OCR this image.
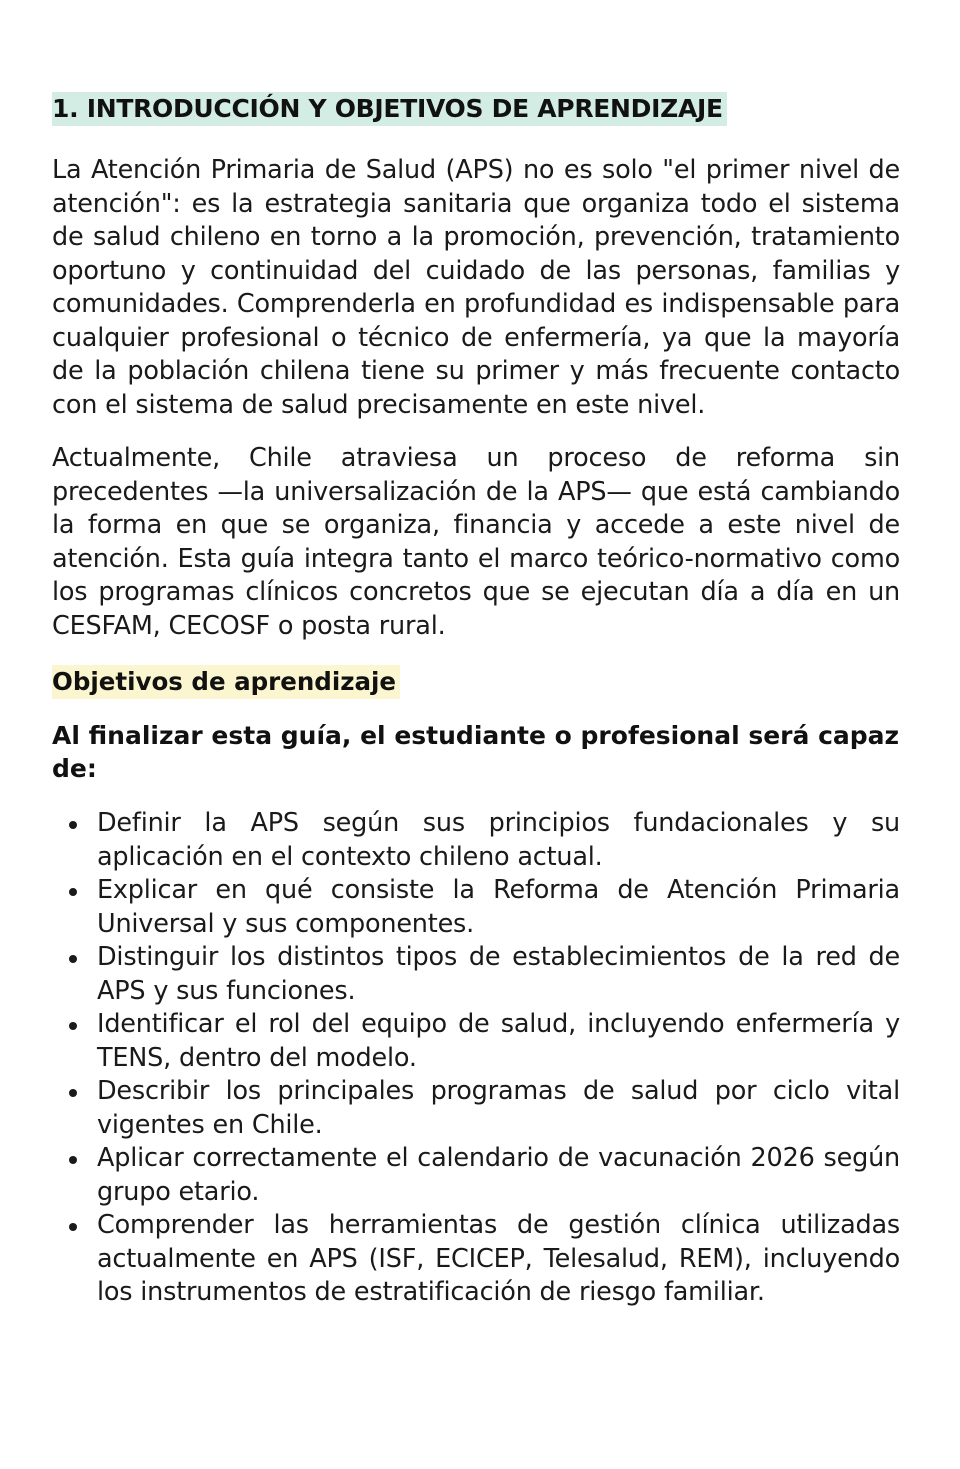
1. INTRODUCCIÓN Y OBJETIVOS DE APRENDIZAJE

La Atención Primaria de Salud (APS) no es solo "el primer nivel de atención": es la estrategia sanitaria que organiza todo el sistema de salud chileno en torno a la promoción, prevención, tratamiento oportuno y continuidad del cuidado de las personas, familias y comunidades. Comprenderla en profundidad es indispensable para cualquier profesional o técnico de enfermería, ya que la mayoría de la población chilena tiene su primer y más frecuente contacto con el sistema de salud precisamente en este nivel.

Actualmente, Chile atraviesa un proceso de reforma sin precedentes —la universalización de la APS— que está cambiando la forma en que se organiza, financia y accede a este nivel de atención. Esta guía integra tanto el marco teórico-normativo como los programas clínicos concretos que se ejecutan día a día en un CESFAM, CECOSF o posta rural.

Objetivos de aprendizaje

Al finalizar esta guía, el estudiante o profesional será capaz de:

Definir la APS según sus principios fundacionales y su aplicación en el contexto chileno actual.
Explicar en qué consiste la Reforma de Atención Primaria Universal y sus componentes.
Distinguir los distintos tipos de establecimientos de la red de APS y sus funciones.
Identificar el rol del equipo de salud, incluyendo enfermería y TENS, dentro del modelo.
Describir los principales programas de salud por ciclo vital vigentes en Chile.
Aplicar correctamente el calendario de vacunación 2026 según grupo etario.
Comprender las herramientas de gestión clínica utilizadas actualmente en APS (ISF, ECICEP, Telesalud, REM), incluyendo los instrumentos de estratificación de riesgo familiar.
